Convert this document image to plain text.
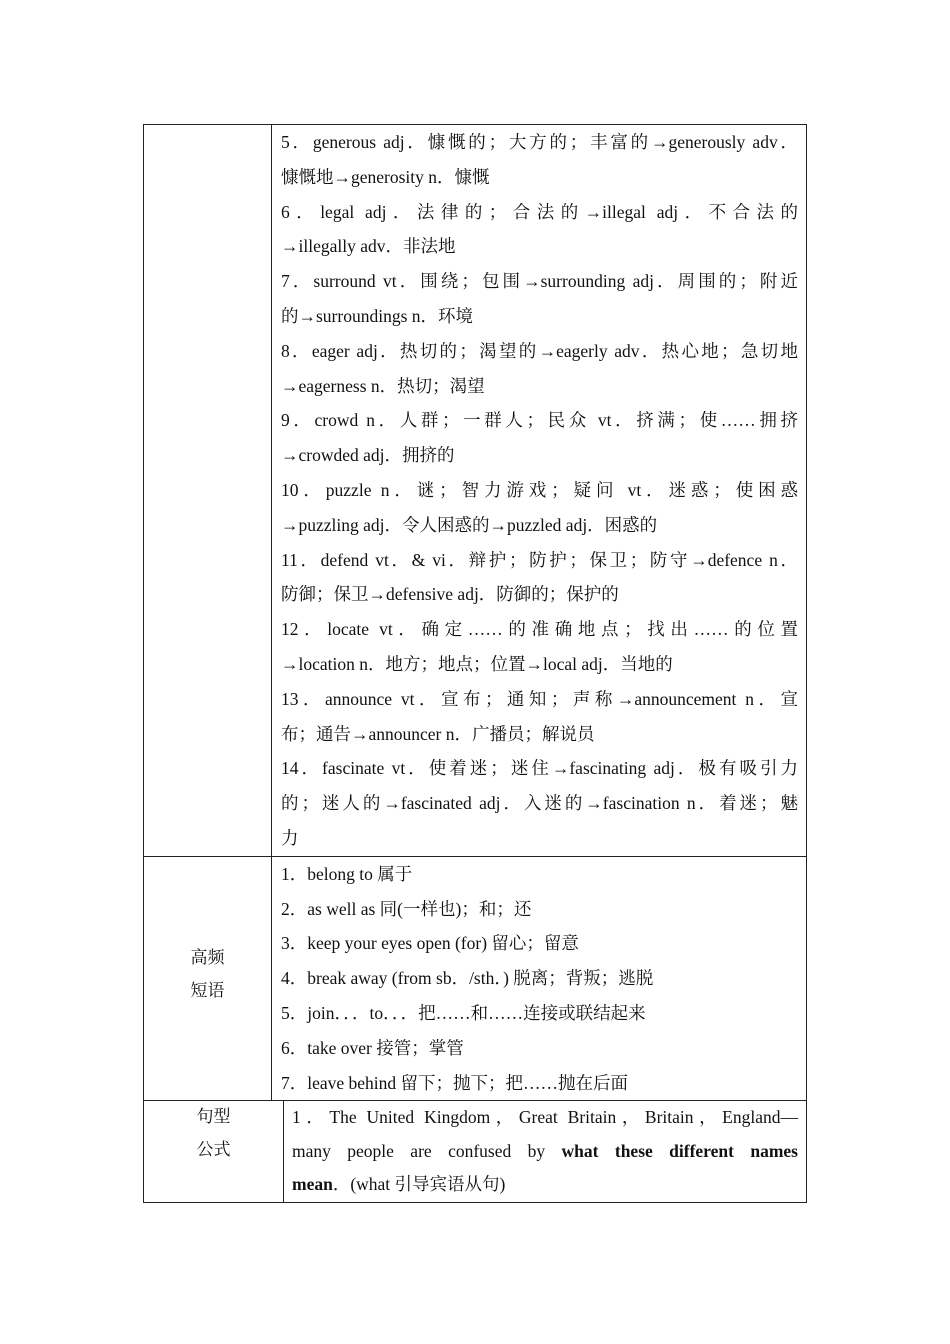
5．generous adj．慷慨的；大方的；丰富的→generously adv．
慷慨地→generosity n．慷慨
6．legal adj．法律的；合法的→illegal adj．不合法的
→illegally adv．非法地
7．surround vt．围绕；包围→surrounding adj．周围的；附近
的→surroundings n．环境
8．eager adj．热切的；渴望的→eagerly adv．热心地；急切地
→eagerness n．热切；渴望
9．crowd n．人群；一群人；民众 vt．挤满；使……拥挤
→crowded adj．拥挤的
10．puzzle n．谜；智力游戏；疑问 vt．迷惑；使困惑
→puzzling adj．令人困惑的→puzzled adj．困惑的
11．defend vt．& vi．辩护；防护；保卫；防守→defence n．
防御；保卫→defensive adj．防御的；保护的
12．locate vt．确定……的准确地点；找出……的位置
→location n．地方；地点；位置→local adj．当地的
13．announce vt．宣布；通知；声称→announcement n．宣
布；通告→announcer n．广播员；解说员
14．fascinate vt．使着迷；迷住→fascinating adj．极有吸引力
的；迷人的→fascinated adj．入迷的→fascination n．着迷；魅
力
高频
短语
1．belong to 属于
2．as well as 同(一样也)；和；还
3．keep your eyes open (for) 留心；留意
4．break away (from sb．/sth．) 脱离；背叛；逃脱
5．join．．．to．．．把……和……连接或联结起来
6．take over 接管；掌管
7．leave behind 留下；抛下；把……抛在后面
句型
公式
1．The United Kingdom，Great Britain，Britain，England—
many people are confused by what these different names
mean．(what 引导宾语从句)
